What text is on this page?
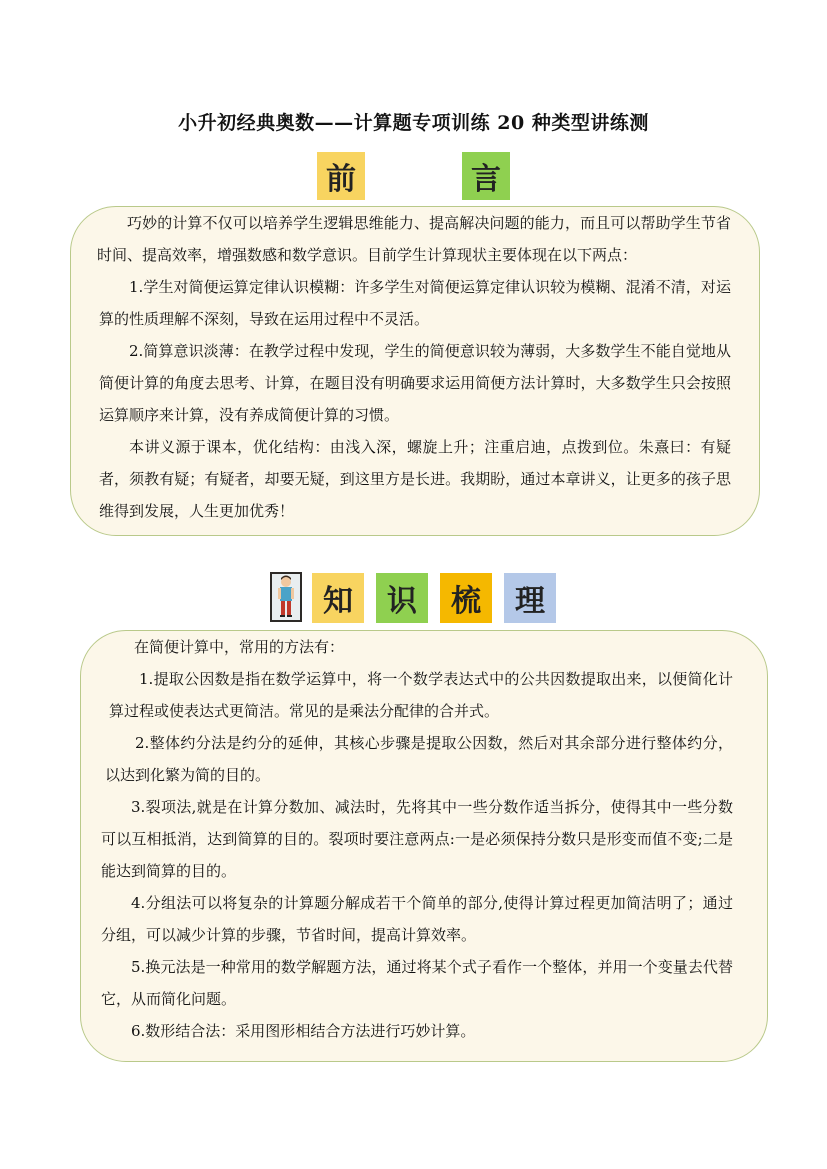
小升初经典奥数——计算题专项训练 20 种类型讲练测
前	言

巧妙的计算不仅可以培养学生逻辑思维能力、提高解决问题的能力，而且可以帮助学生节省时间、提高效率，增强数感和数学意识。目前学生计算现状主要体现在以下两点：

1.学生对简便运算定律认识模糊：许多学生对简便运算定律认识较为模糊、混淆不清，对运算的性质理解不深刻，导致在运用过程中不灵活。

2.简算意识淡薄：在教学过程中发现，学生的简便意识较为薄弱，大多数学生不能自觉地从简便计算的角度去思考、计算，在题目没有明确要求运用简便方法计算时，大多数学生只会按照运算顺序来计算，没有养成简便计算的习惯。

本讲义源于课本，优化结构：由浅入深，螺旋上升；注重启迪，点拨到位。朱熹曰：有疑者，须教有疑；有疑者，却要无疑，到这里方是长进。我期盼，通过本章讲义，让更多的孩子思维得到发展，人生更加优秀！

知	识	梳	理

在简便计算中，常用的方法有：

1.提取公因数是指在数学运算中，将一个数学表达式中的公共因数提取出来，以便简化计算过程或使表达式更简洁。常见的是乘法分配律的合并式。

2.整体约分法是约分的延伸，其核心步骤是提取公因数，然后对其余部分进行整体约分，以达到化繁为简的目的。

3.裂项法,就是在计算分数加、减法时，先将其中一些分数作适当拆分，使得其中一些分数可以互相抵消，达到简算的目的。裂项时要注意两点:一是必须保持分数只是形变而值不变;二是能达到简算的目的。

4.分组法可以将复杂的计算题分解成若干个简单的部分,使得计算过程更加简洁明了；通过分组，可以减少计算的步骤，节省时间，提高计算效率。

5.换元法是一种常用的数学解题方法，通过将某个式子看作一个整体，并用一个变量去代替它，从而简化问题。

6.数形结合法：采用图形相结合方法进行巧妙计算。
